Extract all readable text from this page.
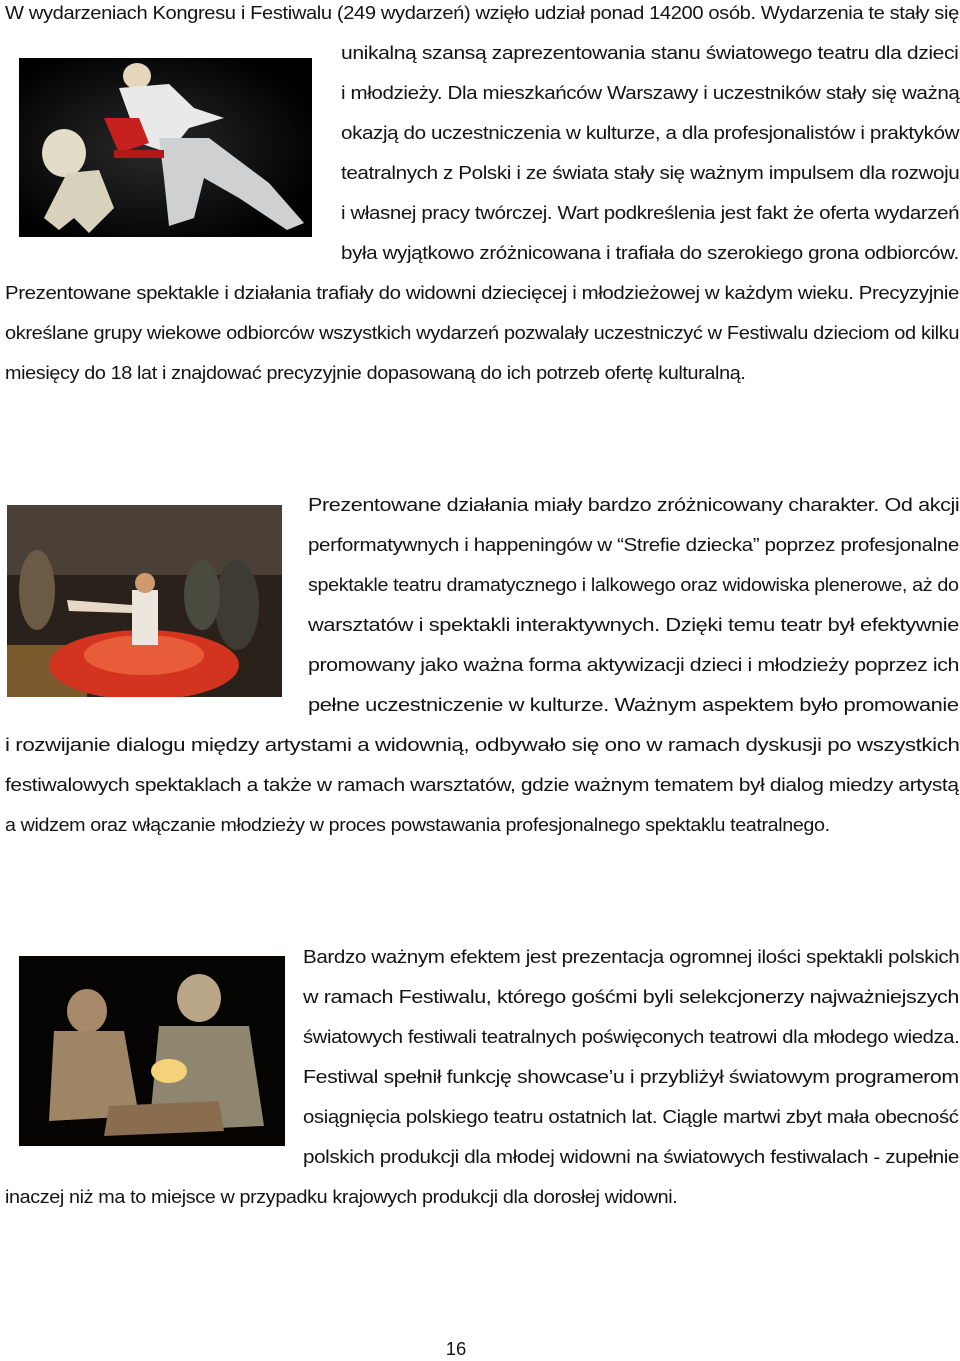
W wydarzeniach Kongresu i Festiwalu (249 wydarzeń) wzięło udział ponad 14200 osób. Wydarzenia te stały się
unikalną szansą zaprezentowania stanu światowego teatru dla dzieci
i młodzieży. Dla mieszkańców Warszawy i uczestników stały się ważną
okazją do uczestniczenia w kulturze, a dla profesjonalistów i praktyków
teatralnych z Polski i ze świata stały się ważnym impulsem dla rozwoju
i własnej pracy twórczej. Wart podkreślenia jest fakt że oferta wydarzeń
była wyjątkowo zróżnicowana i trafiała do szerokiego grona odbiorców.
Prezentowane spektakle i działania trafiały do widowni dziecięcej i młodzieżowej w każdym wieku. Precyzyjnie
określane grupy wiekowe odbiorców wszystkich wydarzeń pozwalały uczestniczyć w Festiwalu dzieciom od kilku
miesięcy do 18 lat i znajdować precyzyjnie dopasowaną do ich potrzeb ofertę kulturalną.
Prezentowane działania miały bardzo zróżnicowany charakter. Od akcji
performatywnych i happeningów w “Strefie dziecka” poprzez profesjonalne
spektakle teatru dramatycznego i lalkowego oraz widowiska plenerowe, aż do
warsztatów i spektakli interaktywnych. Dzięki temu teatr był efektywnie
promowany jako ważna forma aktywizacji dzieci i młodzieży poprzez ich
pełne uczestniczenie w kulturze. Ważnym aspektem było promowanie
i rozwijanie dialogu między artystami a widownią, odbywało się ono w ramach dyskusji po wszystkich
festiwalowych spektaklach a także w ramach warsztatów, gdzie ważnym tematem był dialog miedzy artystą
a widzem oraz włączanie młodzieży w proces powstawania profesjonalnego spektaklu teatralnego.
Bardzo ważnym efektem jest prezentacja ogromnej ilości spektakli polskich
w ramach Festiwalu, którego gośćmi byli selekcjonerzy najważniejszych
światowych festiwali teatralnych poświęconych teatrowi dla młodego wiedza.
Festiwal spełnił funkcję showcase’u i przybliżył światowym programerom
osiągnięcia polskiego teatru ostatnich lat. Ciągle martwi zbyt mała obecność
polskich produkcji dla młodej widowni na światowych festiwalach - zupełnie
inaczej niż ma to miejsce w przypadku krajowych produkcji dla dorosłej widowni.
16
